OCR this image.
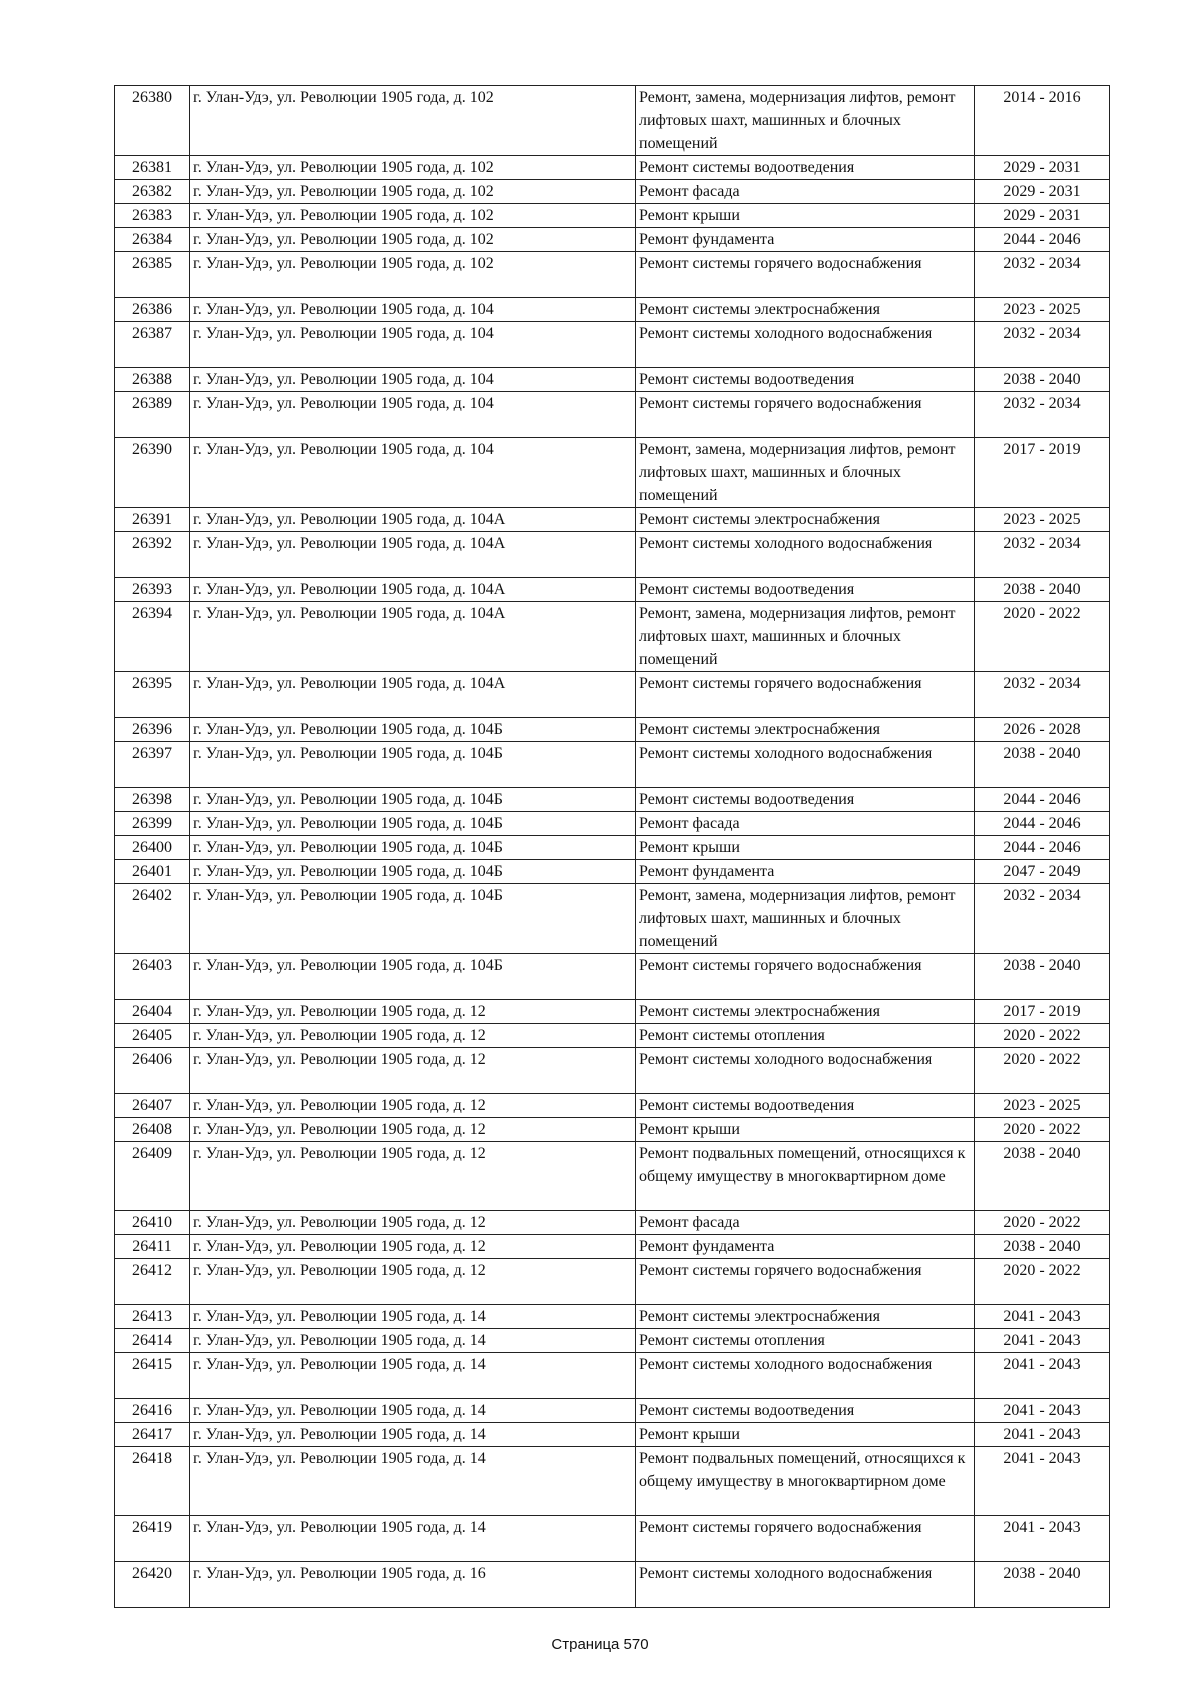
26380	г. Улан-Удэ, ул. Революции 1905 года, д. 102	Ремонт, замена, модернизация лифтов, ремонт лифтовых шахт, машинных и блочных помещений	2014 - 2016
26381	г. Улан-Удэ, ул. Революции 1905 года, д. 102	Ремонт системы водоотведения	2029 - 2031
26382	г. Улан-Удэ, ул. Революции 1905 года, д. 102	Ремонт фасада	2029 - 2031
26383	г. Улан-Удэ, ул. Революции 1905 года, д. 102	Ремонт крыши	2029 - 2031
26384	г. Улан-Удэ, ул. Революции 1905 года, д. 102	Ремонт фундамента	2044 - 2046
26385	г. Улан-Удэ, ул. Революции 1905 года, д. 102	Ремонт системы горячего водоснабжения	2032 - 2034
26386	г. Улан-Удэ, ул. Революции 1905 года, д. 104	Ремонт системы электроснабжения	2023 - 2025
26387	г. Улан-Удэ, ул. Революции 1905 года, д. 104	Ремонт системы холодного водоснабжения	2032 - 2034
26388	г. Улан-Удэ, ул. Революции 1905 года, д. 104	Ремонт системы водоотведения	2038 - 2040
26389	г. Улан-Удэ, ул. Революции 1905 года, д. 104	Ремонт системы горячего водоснабжения	2032 - 2034
26390	г. Улан-Удэ, ул. Революции 1905 года, д. 104	Ремонт, замена, модернизация лифтов, ремонт лифтовых шахт, машинных и блочных помещений	2017 - 2019
26391	г. Улан-Удэ, ул. Революции 1905 года, д. 104А	Ремонт системы электроснабжения	2023 - 2025
26392	г. Улан-Удэ, ул. Революции 1905 года, д. 104А	Ремонт системы холодного водоснабжения	2032 - 2034
26393	г. Улан-Удэ, ул. Революции 1905 года, д. 104А	Ремонт системы водоотведения	2038 - 2040
26394	г. Улан-Удэ, ул. Революции 1905 года, д. 104А	Ремонт, замена, модернизация лифтов, ремонт лифтовых шахт, машинных и блочных помещений	2020 - 2022
26395	г. Улан-Удэ, ул. Революции 1905 года, д. 104А	Ремонт системы горячего водоснабжения	2032 - 2034
26396	г. Улан-Удэ, ул. Революции 1905 года, д. 104Б	Ремонт системы электроснабжения	2026 - 2028
26397	г. Улан-Удэ, ул. Революции 1905 года, д. 104Б	Ремонт системы холодного водоснабжения	2038 - 2040
26398	г. Улан-Удэ, ул. Революции 1905 года, д. 104Б	Ремонт системы водоотведения	2044 - 2046
26399	г. Улан-Удэ, ул. Революции 1905 года, д. 104Б	Ремонт фасада	2044 - 2046
26400	г. Улан-Удэ, ул. Революции 1905 года, д. 104Б	Ремонт крыши	2044 - 2046
26401	г. Улан-Удэ, ул. Революции 1905 года, д. 104Б	Ремонт фундамента	2047 - 2049
26402	г. Улан-Удэ, ул. Революции 1905 года, д. 104Б	Ремонт, замена, модернизация лифтов, ремонт лифтовых шахт, машинных и блочных помещений	2032 - 2034
26403	г. Улан-Удэ, ул. Революции 1905 года, д. 104Б	Ремонт системы горячего водоснабжения	2038 - 2040
26404	г. Улан-Удэ, ул. Революции 1905 года, д. 12	Ремонт системы электроснабжения	2017 - 2019
26405	г. Улан-Удэ, ул. Революции 1905 года, д. 12	Ремонт системы отопления	2020 - 2022
26406	г. Улан-Удэ, ул. Революции 1905 года, д. 12	Ремонт системы холодного водоснабжения	2020 - 2022
26407	г. Улан-Удэ, ул. Революции 1905 года, д. 12	Ремонт системы водоотведения	2023 - 2025
26408	г. Улан-Удэ, ул. Революции 1905 года, д. 12	Ремонт крыши	2020 - 2022
26409	г. Улан-Удэ, ул. Революции 1905 года, д. 12	Ремонт подвальных помещений, относящихся к общему имуществу в многоквартирном доме	2038 - 2040
26410	г. Улан-Удэ, ул. Революции 1905 года, д. 12	Ремонт фасада	2020 - 2022
26411	г. Улан-Удэ, ул. Революции 1905 года, д. 12	Ремонт фундамента	2038 - 2040
26412	г. Улан-Удэ, ул. Революции 1905 года, д. 12	Ремонт системы горячего водоснабжения	2020 - 2022
26413	г. Улан-Удэ, ул. Революции 1905 года, д. 14	Ремонт системы электроснабжения	2041 - 2043
26414	г. Улан-Удэ, ул. Революции 1905 года, д. 14	Ремонт системы отопления	2041 - 2043
26415	г. Улан-Удэ, ул. Революции 1905 года, д. 14	Ремонт системы холодного водоснабжения	2041 - 2043
26416	г. Улан-Удэ, ул. Революции 1905 года, д. 14	Ремонт системы водоотведения	2041 - 2043
26417	г. Улан-Удэ, ул. Революции 1905 года, д. 14	Ремонт крыши	2041 - 2043
26418	г. Улан-Удэ, ул. Революции 1905 года, д. 14	Ремонт подвальных помещений, относящихся к общему имуществу в многоквартирном доме	2041 - 2043
26419	г. Улан-Удэ, ул. Революции 1905 года, д. 14	Ремонт системы горячего водоснабжения	2041 - 2043
26420	г. Улан-Удэ, ул. Революции 1905 года, д. 16	Ремонт системы холодного водоснабжения	2038 - 2040
Страница 570
